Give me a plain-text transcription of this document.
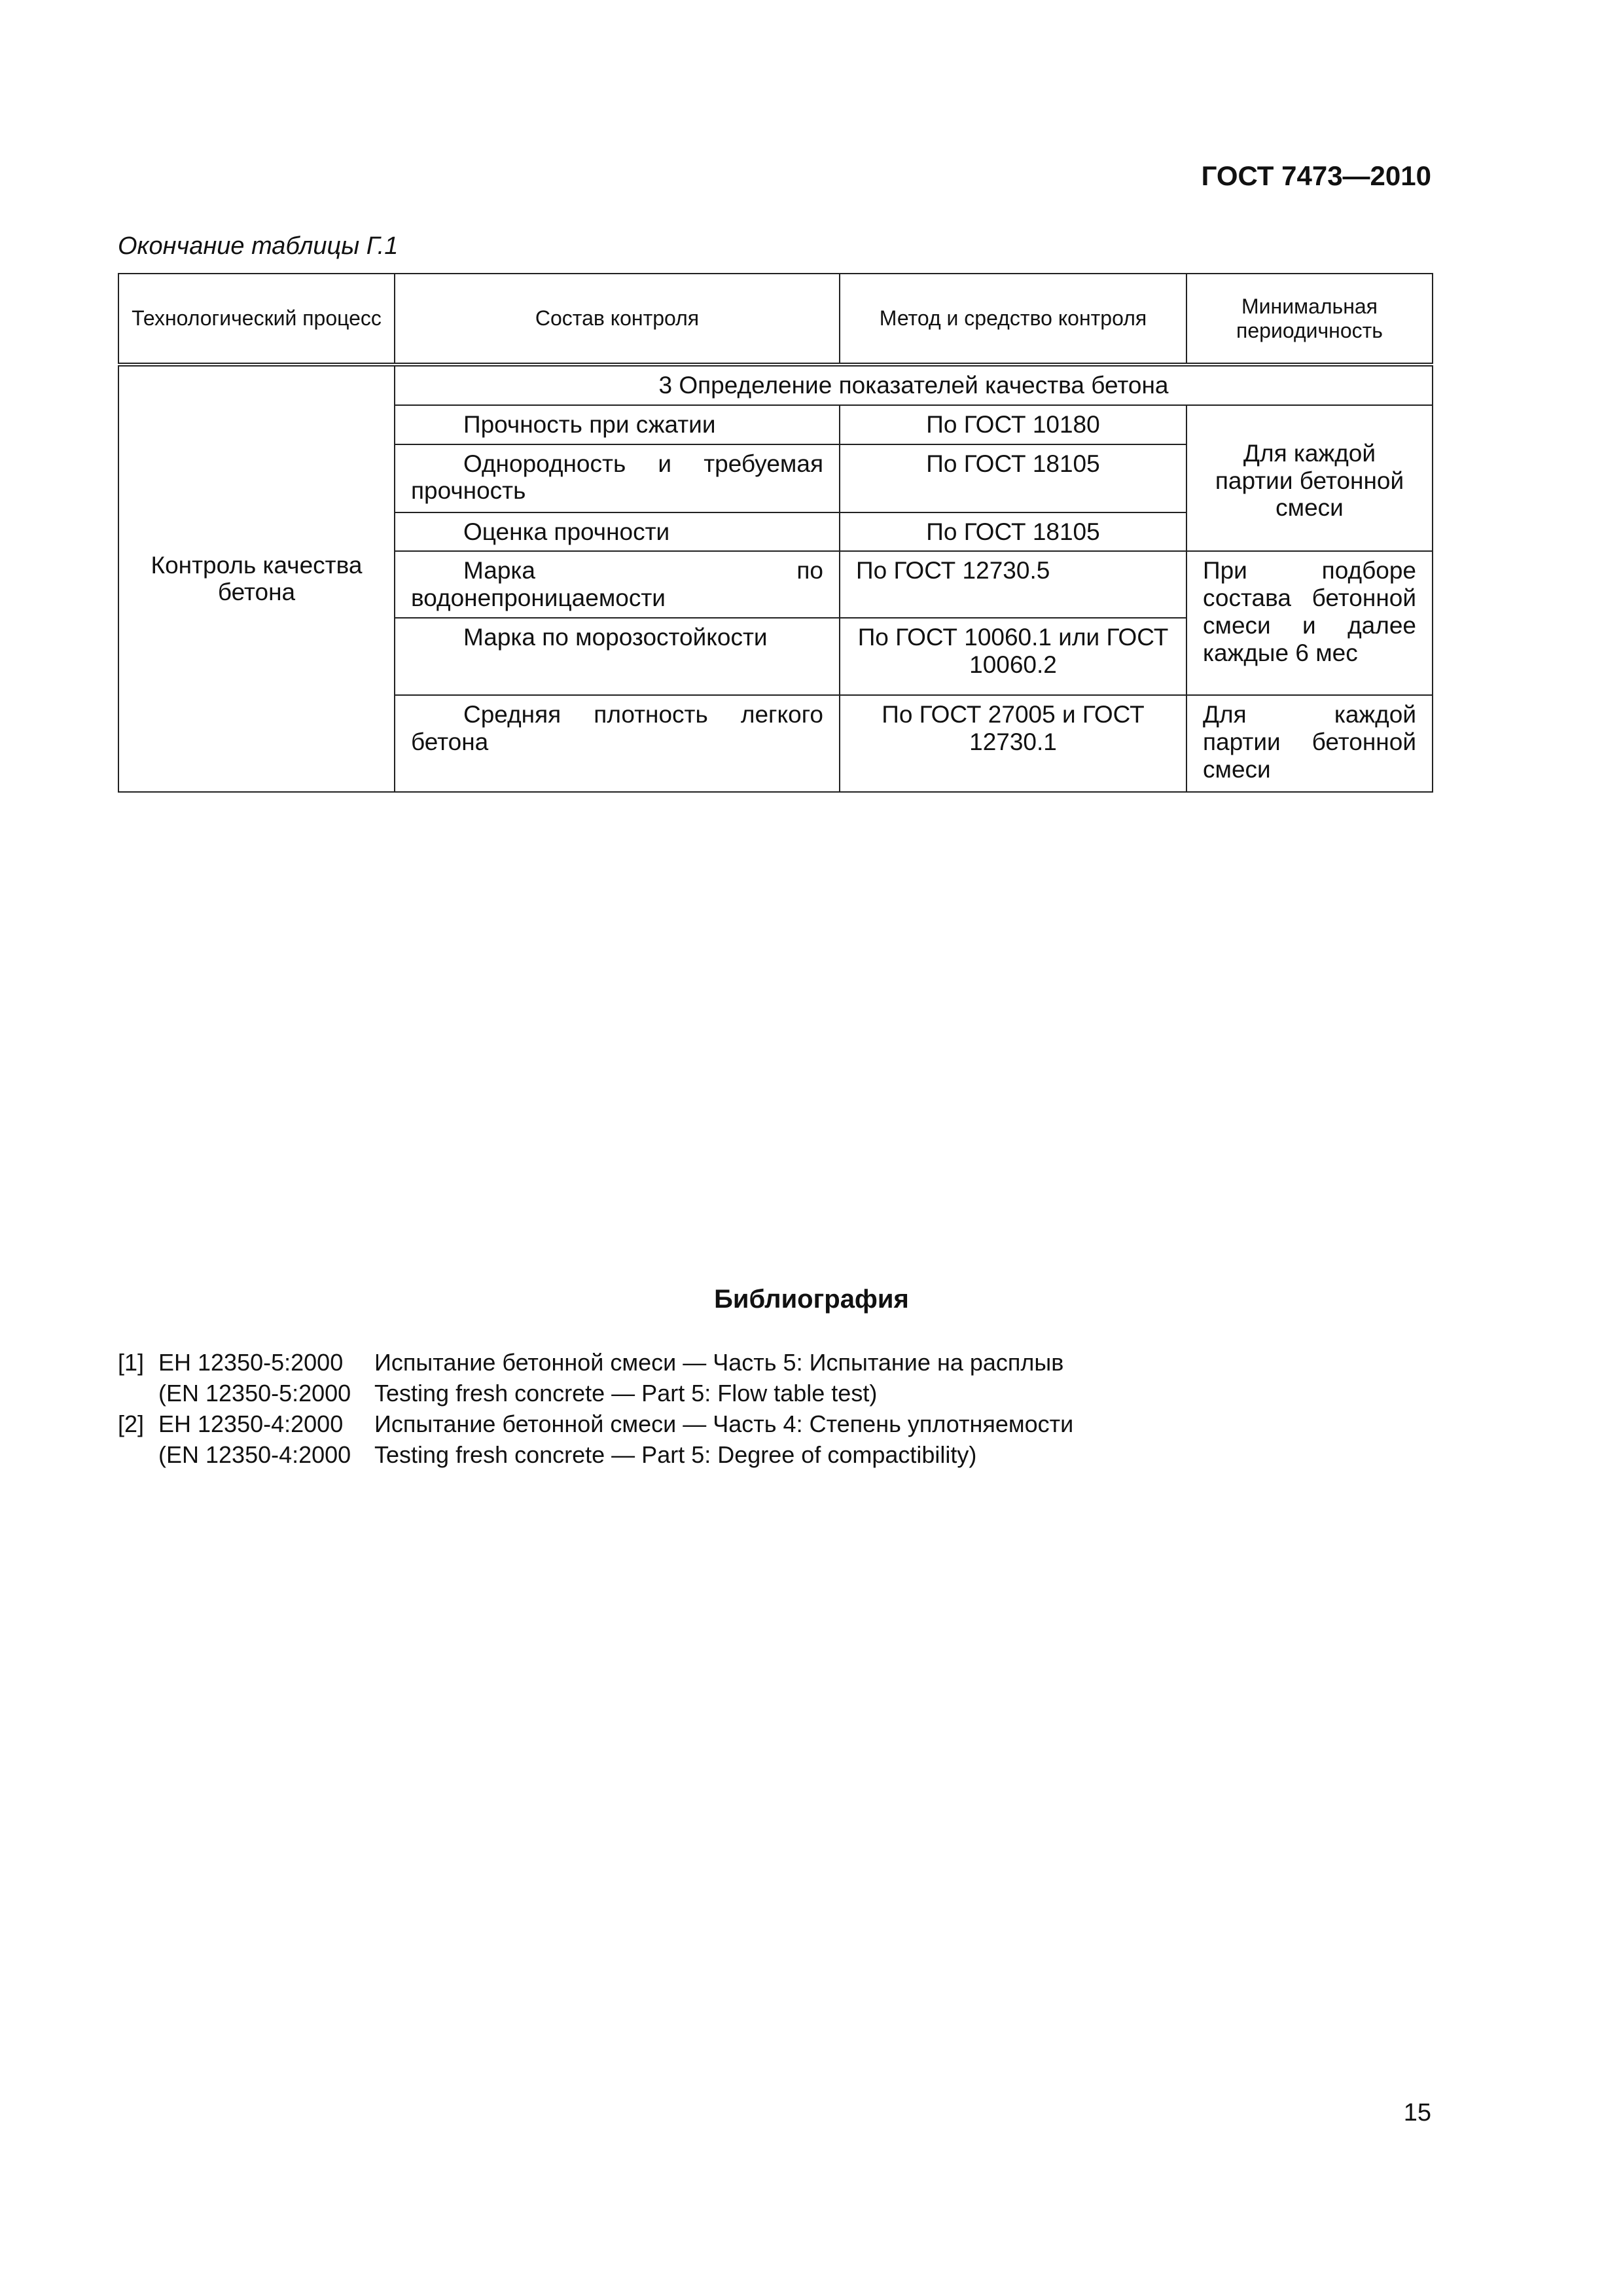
ГОСТ 7473—2010
Окончание таблицы Г.1
Технологический процесс	Состав контроля	Метод и средство контроля	Минимальная периодичность
Контроль качества бетона	3 Определение показателей качества бетона		
	Прочность при сжатии	По ГОСТ 10180	Для каждой партии бетонной смеси
	Однородность и требуемая прочность	По ГОСТ 18105	
	Оценка прочности	По ГОСТ 18105	
	Марка по водонепроницаемости	По ГОСТ 12730.5	При подборе состава бетонной смеси и далее каждые 6 мес
	Марка по морозостойкости	По ГОСТ 10060.1 или ГОСТ 10060.2	
	Средняя плотность легкого бетона	По ГОСТ 27005 и ГОСТ 12730.1	Для каждой партии бетонной смеси
Библиография
[1] ЕН 12350-5:2000	Испытание бетонной смеси — Часть 5: Испытание на расплыв
(EN 12350-5:2000 Testing fresh concrete — Part 5: Flow table test)
[2] ЕН 12350-4:2000	Испытание бетонной смеси — Часть 4: Степень уплотняемости
(EN 12350-4:2000 Testing fresh concrete — Part 5: Degree of compactibility)
15
